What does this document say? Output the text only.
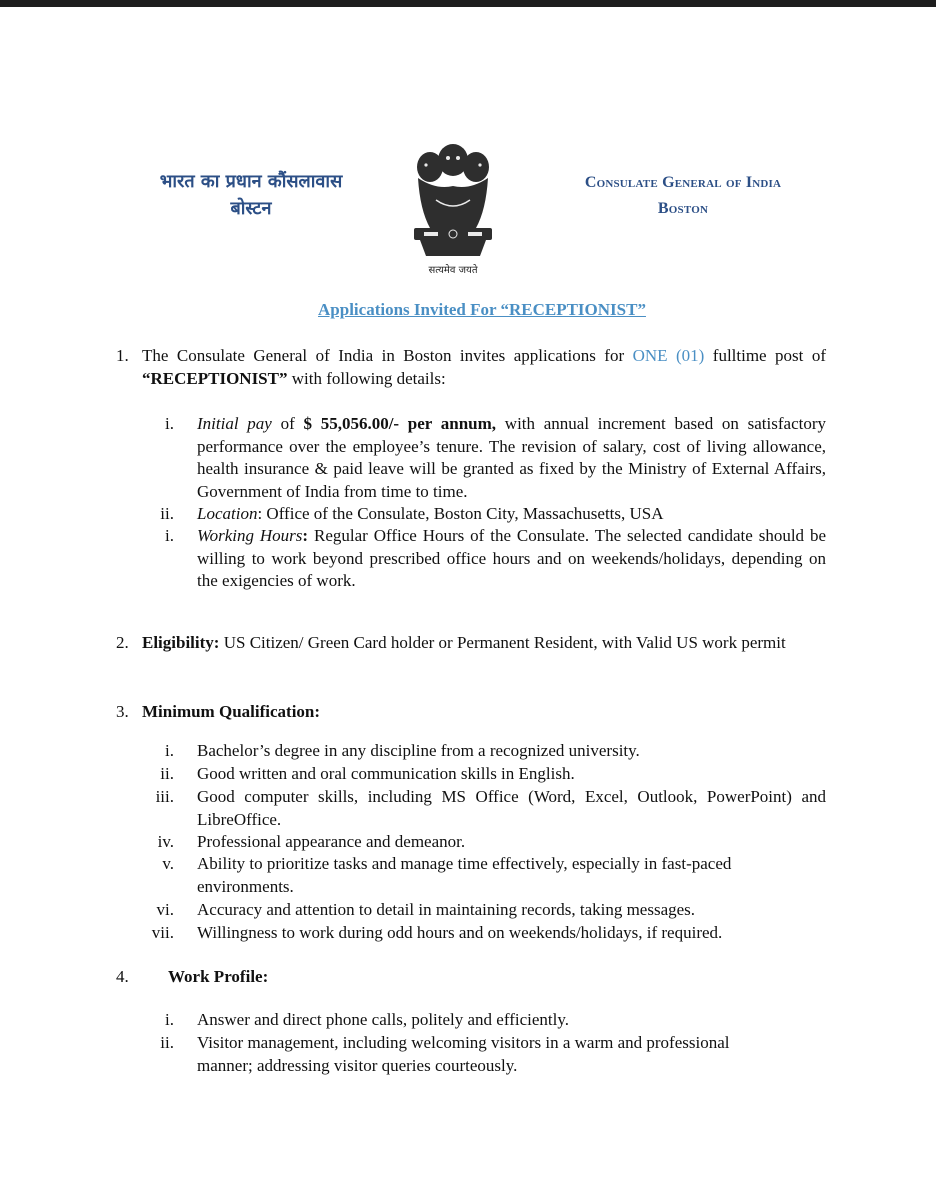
भारत का प्रधान कौंसलावास
बोस्टन
सत्यमेव जयते
Consulate General of India
Boston
Applications Invited For “RECEPTIONIST”
1. The Consulate General of India in Boston invites applications for ONE (01) fulltime post of “RECEPTIONIST” with following details:
i. Initial pay of $ 55,056.00/- per annum, with annual increment based on satisfactory performance over the employee’s tenure. The revision of salary, cost of living allowance, health insurance & paid leave will be granted as fixed by the Ministry of External Affairs, Government of India from time to time.
ii. Location: Office of the Consulate, Boston City, Massachusetts, USA
i. Working Hours: Regular Office Hours of the Consulate. The selected candidate should be willing to work beyond prescribed office hours and on weekends/holidays, depending on the exigencies of work.
2. Eligibility: US Citizen/ Green Card holder or Permanent Resident, with Valid US work permit
3. Minimum Qualification:
i. Bachelor’s degree in any discipline from a recognized university.
ii. Good written and oral communication skills in English.
iii. Good computer skills, including MS Office (Word, Excel, Outlook, PowerPoint) and LibreOffice.
iv. Professional appearance and demeanor.
v. Ability to prioritize tasks and manage time effectively, especially in fast-paced environments.
vi. Accuracy and attention to detail in maintaining records, taking messages.
vii. Willingness to work during odd hours and on weekends/holidays, if required.
4. Work Profile:
i. Answer and direct phone calls, politely and efficiently.
ii. Visitor management, including welcoming visitors in a warm and professional manner; addressing visitor queries courteously.
